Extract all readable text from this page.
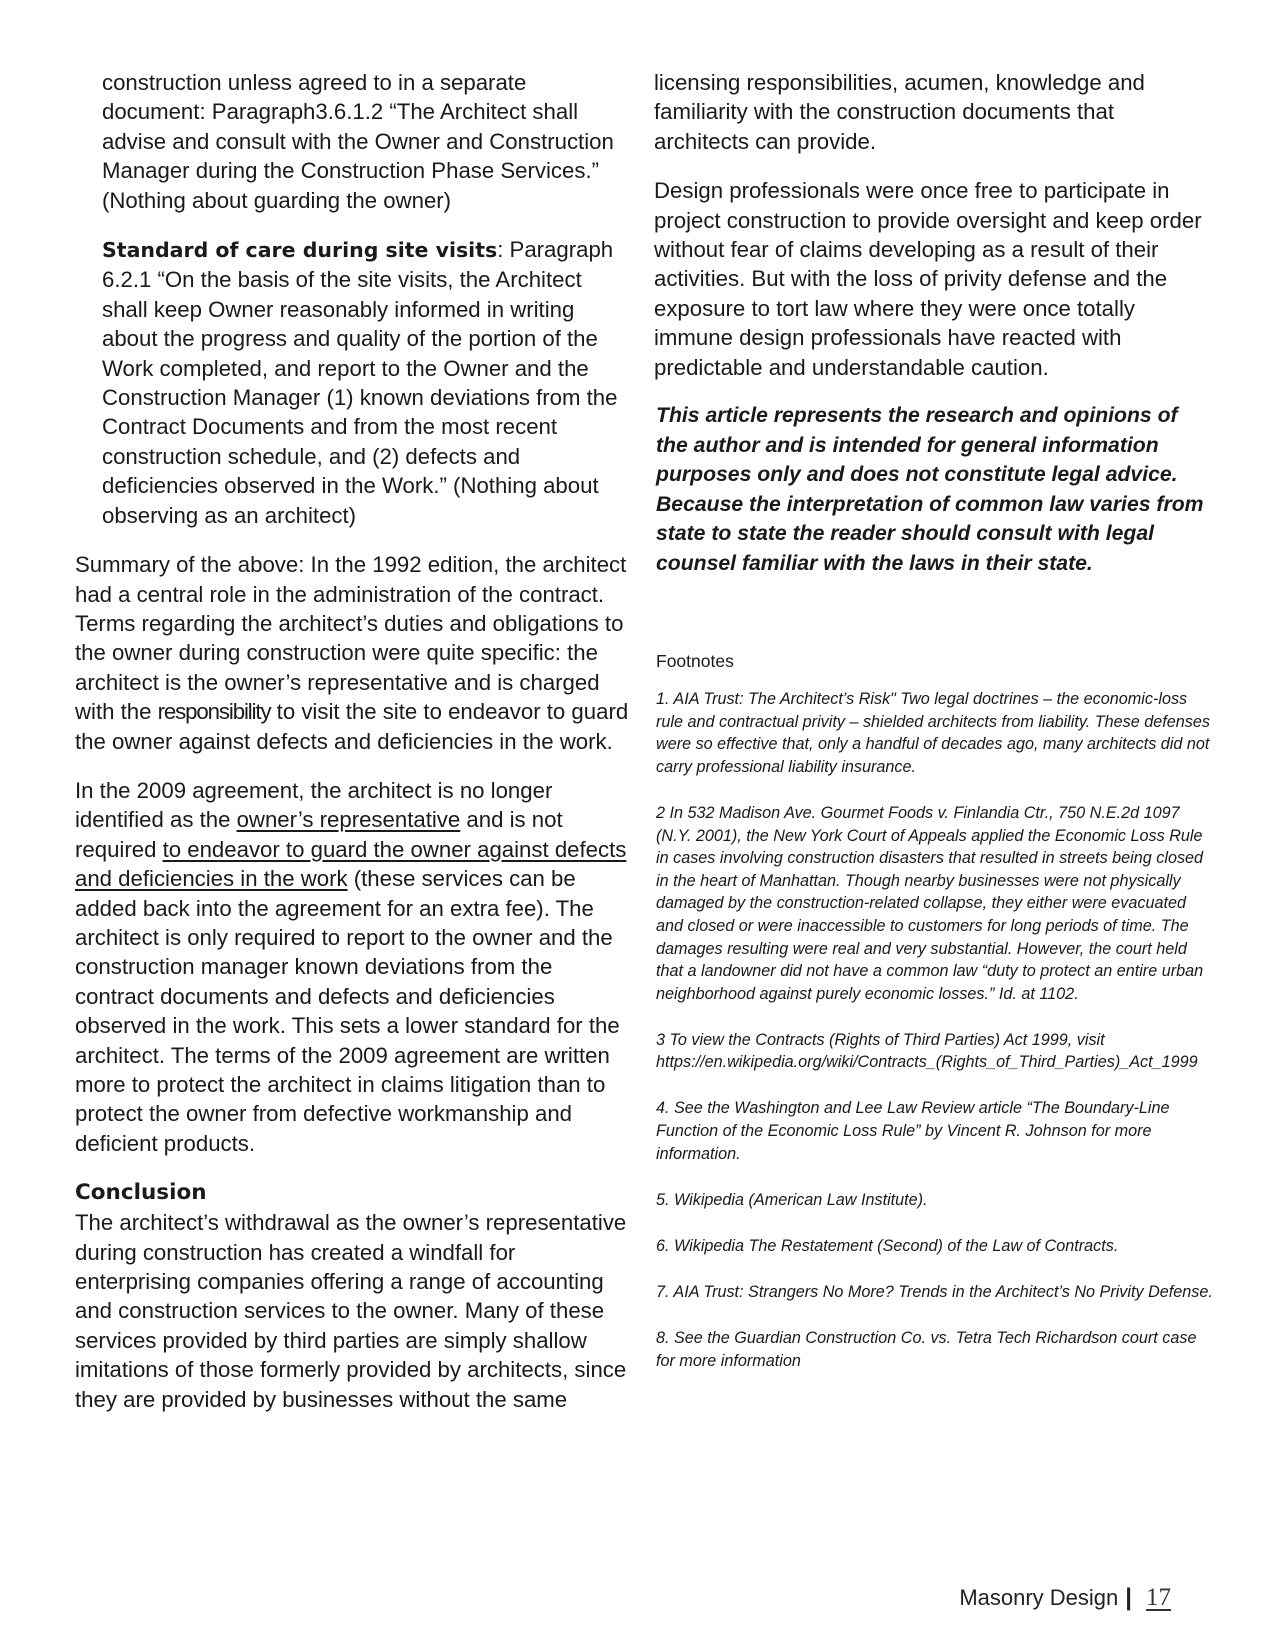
construction unless agreed to in a separate document: Paragraph3.6.1.2 “The Architect shall advise and consult with the Owner and Construction Manager during the Construction Phase Services.” (Nothing about guarding the owner)

Standard of care during site visits: Paragraph 6.2.1 “On the basis of the site visits, the Architect shall keep Owner reasonably informed in writing about the progress and quality of the portion of the Work completed, and report to the Owner and the Construction Manager (1) known deviations from the Contract Documents and from the most recent construction schedule, and (2) defects and deficiencies observed in the Work.” (Nothing about observing as an architect)

Summary of the above: In the 1992 edition, the architect had a central role in the administration of the contract. Terms regarding the architect’s duties and obligations to the owner during construction were quite specific: the architect is the owner’s representative and is charged with the responsibility to visit the site to endeavor to guard the owner against defects and deficiencies in the work.

In the 2009 agreement, the architect is no longer identified as the owner’s representative and is not required to endeavor to guard the owner against defects and deficiencies in the work (these services can be added back into the agreement for an extra fee). The architect is only required to report to the owner and the construction manager known deviations from the contract documents and defects and deficiencies observed in the work. This sets a lower standard for the architect. The terms of the 2009 agreement are written more to protect the architect in claims litigation than to protect the owner from defective workmanship and deficient products.

Conclusion

The architect’s withdrawal as the owner’s representative during construction has created a windfall for enterprising companies offering a range of accounting and construction services to the owner. Many of these services provided by third parties are simply shallow imitations of those formerly provided by architects, since they are provided by businesses without the same

licensing responsibilities, acumen, knowledge and familiarity with the construction documents that architects can provide.

Design professionals were once free to participate in project construction to provide oversight and keep order without fear of claims developing as a result of their activities. But with the loss of privity defense and the exposure to tort law where they were once totally immune design professionals have reacted with predictable and understandable caution.

This article represents the research and opinions of the author and is intended for general information purposes only and does not constitute legal advice. Because the interpretation of common law varies from state to state the reader should consult with legal counsel familiar with the laws in their state.

Footnotes

1. AIA Trust: The Architect’s Risk" Two legal doctrines – the economic-loss rule and contractual privity – shielded architects from liability. These defenses were so effective that, only a handful of decades ago, many architects did not carry professional liability insurance.

2 In 532 Madison Ave. Gourmet Foods v. Finlandia Ctr., 750 N.E.2d 1097 (N.Y. 2001), the New York Court of Appeals applied the Economic Loss Rule in cases involving construction disasters that resulted in streets being closed in the heart of Manhattan. Though nearby businesses were not physically damaged by the construction-related collapse, they either were evacuated and closed or were inaccessible to customers for long periods of time. The damages resulting were real and very substantial. However, the court held that a landowner did not have a common law “duty to protect an entire urban neighborhood against purely economic losses.” Id. at 1102.

3 To view the Contracts (Rights of Third Parties) Act 1999, visit https://en.wikipedia.org/wiki/Contracts_(Rights_of_Third_Parties)_Act_1999

4. See the Washington and Lee Law Review article “The Boundary-Line Function of the Economic Loss Rule” by Vincent R. Johnson for more information.

5. Wikipedia (American Law Institute).

6. Wikipedia The Restatement (Second) of the Law of Contracts.

7. AIA Trust: Strangers No More? Trends in the Architect’s No Privity Defense.

8. See the Guardian Construction Co. vs. Tetra Tech Richardson court case for more information

Masonry Design | 17
